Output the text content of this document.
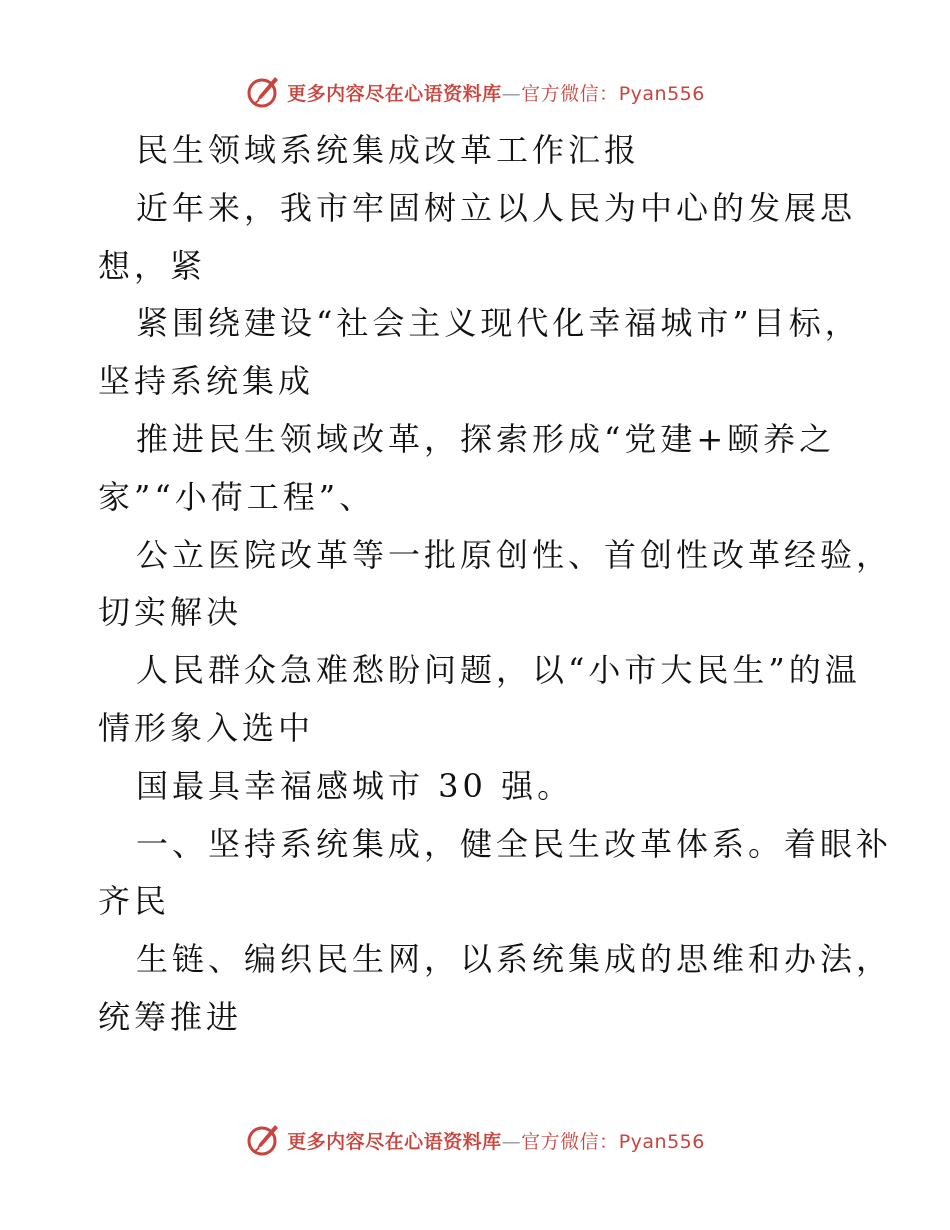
更多内容尽在心语资料库—官方微信：Pyan556
民生领域系统集成改革工作汇报
近年来，我市牢固树立以人民为中心的发展思
想，紧
紧围绕建设“社会主义现代化幸福城市”目标，
坚持系统集成
推进民生领域改革，探索形成“党建+颐养之
家”“小荷工程”、
公立医院改革等一批原创性、首创性改革经验，
切实解决
人民群众急难愁盼问题，以“小市大民生”的温
情形象入选中
国最具幸福感城市 30 强。
一、坚持系统集成，健全民生改革体系。着眼补
齐民
生链、编织民生网，以系统集成的思维和办法，
统筹推进
更多内容尽在心语资料库—官方微信：Pyan556
